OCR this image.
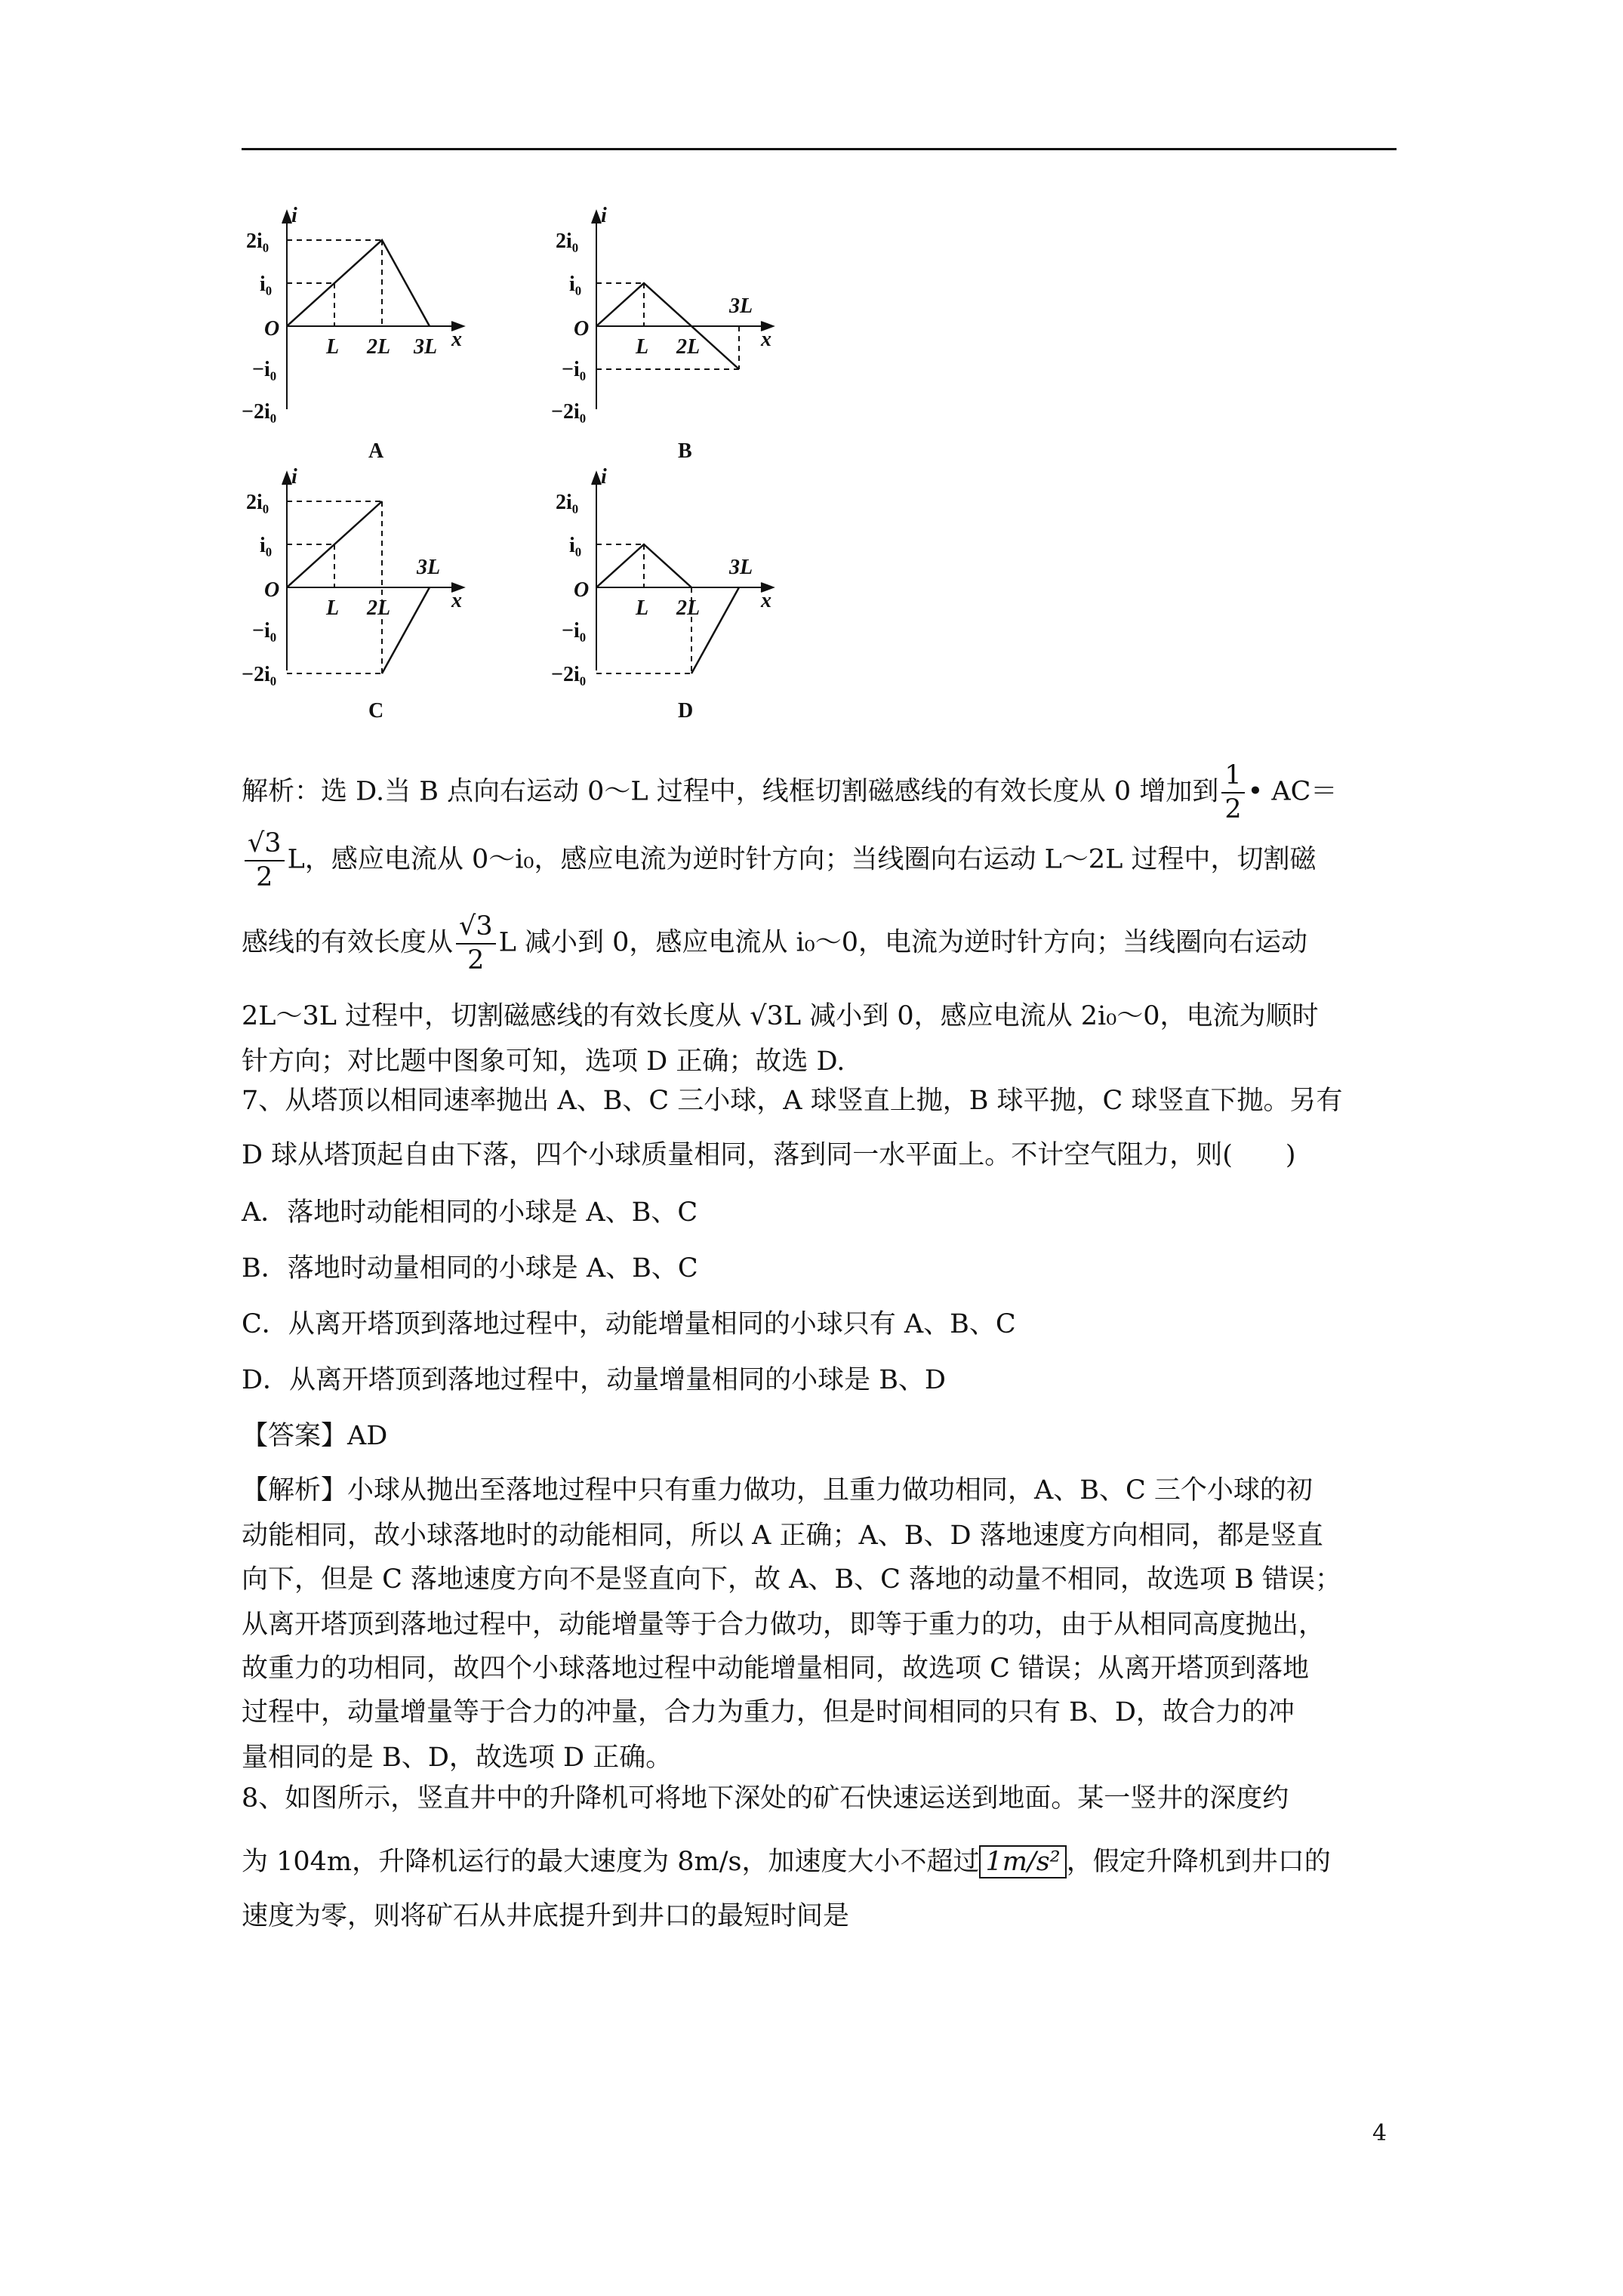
i
2i₀
i₀
O
−i₀
−2i₀
L 2L 3L x
A
i
2i₀
i₀
O
−i₀
−2i₀
L 2L
3L
x
B
i
2i₀
i₀
O
−i₀
−2i₀
L 2L
3L
x
C
i
2i₀
i₀
O
−i₀
−2i₀
L 2L
3L
x
D
解析：选 D.当 B 点向右运动 0～L 过程中，线框切割磁感线的有效长度从 0 增加到 $\frac{1}{2}$ • AC＝
$\frac{√3}{2}$ L，感应电流从 0～i₀，感应电流为逆时针方向；当线圈向右运动 L～2L 过程中，切割磁
感线的有效长度从 $\frac{√3}{2}$ L 减小到 0，感应电流从 i₀～0，电流为逆时针方向；当线圈向右运动
2L～3L 过程中，切割磁感线的有效长度从 √3L 减小到 0，感应电流从 2i₀～0，电流为顺时
针方向；对比题中图象可知，选项 D 正确；故选 D.
7、从塔顶以相同速率抛出 A、B、C 三小球，A 球竖直上抛，B 球平抛，C 球竖直下抛。另有
D 球从塔顶起自由下落，四个小球质量相同，落到同一水平面上。不计空气阻力，则(　　)
A．落地时动能相同的小球是 A、B、C
B．落地时动量相同的小球是 A、B、C
C．从离开塔顶到落地过程中，动能增量相同的小球只有 A、B、C
D．从离开塔顶到落地过程中，动量增量相同的小球是 B、D
【答案】AD
【解析】小球从抛出至落地过程中只有重力做功，且重力做功相同，A、B、C 三个小球的初
动能相同，故小球落地时的动能相同，所以 A 正确；A、B、D 落地速度方向相同，都是竖直
向下，但是 C 落地速度方向不是竖直向下，故 A、B、C 落地的动量不相同，故选项 B 错误；
从离开塔顶到落地过程中，动能增量等于合力做功，即等于重力的功，由于从相同高度抛出，
故重力的功相同，故四个小球落地过程中动能增量相同，故选项 C 错误；从离开塔顶到落地
过程中，动量增量等于合力的冲量，合力为重力，但是时间相同的只有 B、D，故合力的冲
量相同的是 B、D，故选项 D 正确。
8、如图所示，竖直井中的升降机可将地下深处的矿石快速运送到地面。某一竖井的深度约
为 104m，升降机运行的最大速度为 8m/s，加速度大小不超过 1m/s² ，假定升降机到井口的
速度为零，则将矿石从井底提升到井口的最短时间是
4
